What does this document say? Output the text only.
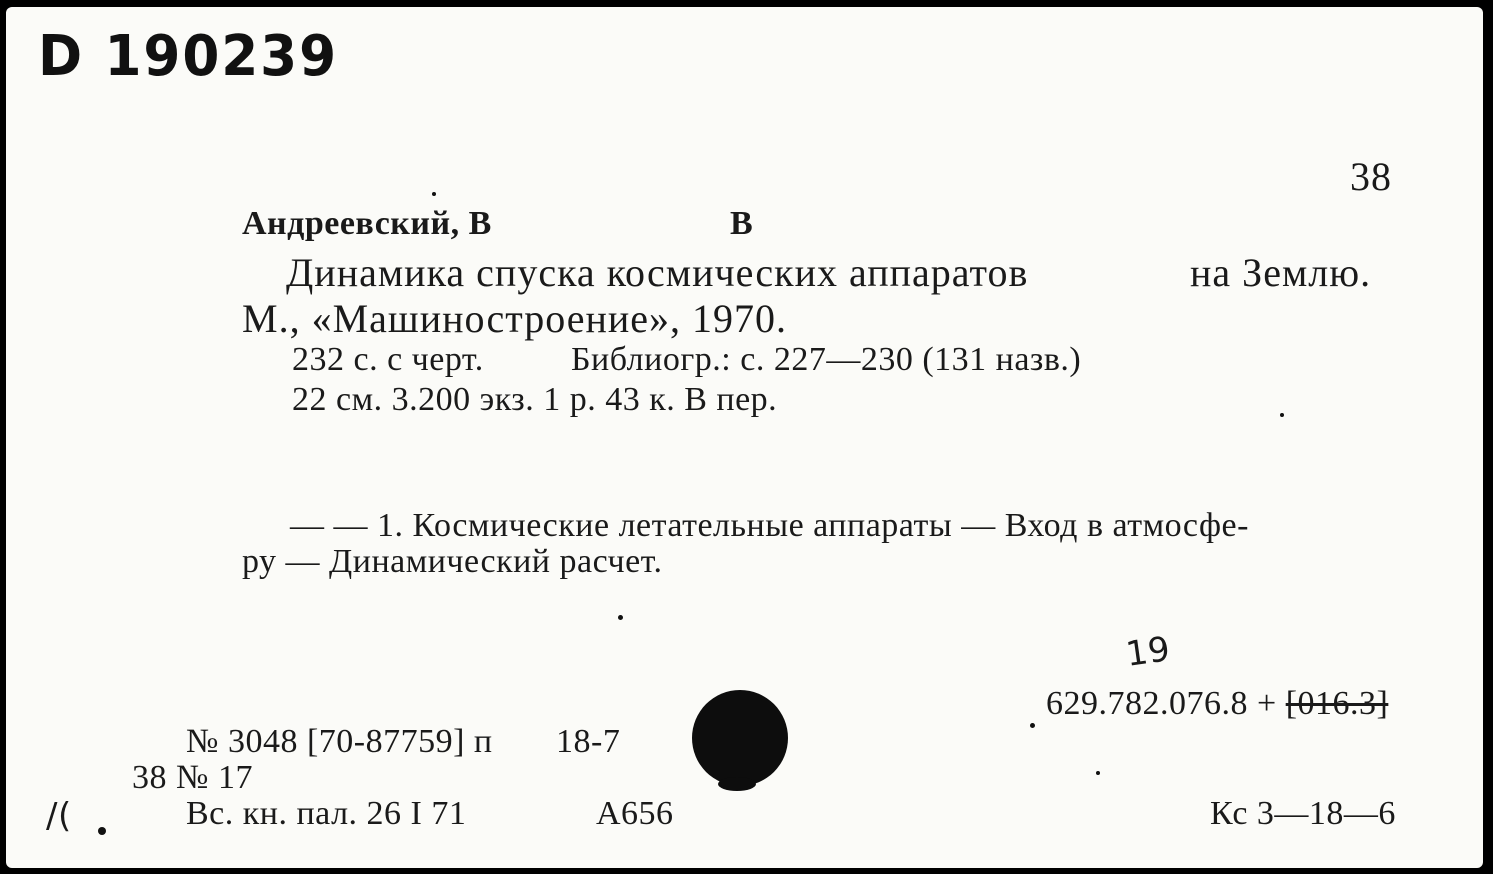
D 190239
38
Андреевский, В	В
Динамика спуска космических аппаратов	на Землю.
М., «Машиностроение», 1970.
232 с. с черт.	Библиогр.: с. 227—230 (131 назв.)
22 см. 3.200 экз. 1 р. 43 к. В пер.
— — 1. Космические летательные аппараты — Вход в атмосфе-
ру — Динамический расчет.
19
629.782.076.8 + [016.3]
№ 3048 [70-87759] п 18-7
38 № 17
Вс. кн. пал. 26 I 71	А656	Кс 3—18—6
/(
